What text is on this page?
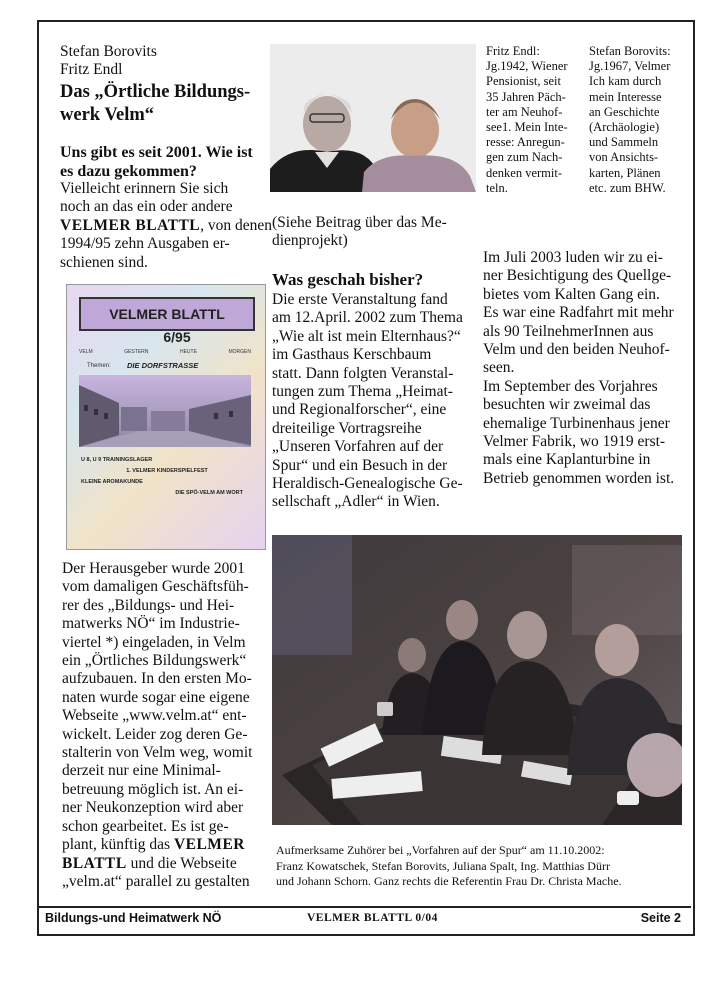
Stefan Borovits
Fritz Endl
Das „Örtliche Bildungs-
werk Velm“
Uns gibt es seit 2001. Wie ist
es dazu gekommen?
Vielleicht erinnern Sie sich
noch an das ein oder andere
VELMER BLATTL, von denen
1994/95 zehn Ausgaben er-
schienen sind.
VELMER BLATTL
6/95
VELM	GESTERN	HEUTE	MORGEN
Themen: DIE DORFSTRASSE
U 8, U 9 TRAININGSLAGER
1. VELMER KINDERSPIELFEST
KLEINE AROMAKUNDE
DIE SPÖ-VELM AM WORT
Der Herausgeber wurde 2001
vom damaligen Geschäftsfüh-
rer des „Bildungs- und Hei-
matwerks NÖ“ im Industrie-
viertel *) eingeladen, in Velm
ein „Örtliches Bildungswerk“
aufzubauen. In den ersten Mo-
naten wurde sogar eine eigene
Webseite „www.velm.at“ ent-
wickelt. Leider zog deren Ge-
stalterin von Velm weg, womit
derzeit nur eine Minimal-
betreuung möglich ist. An ei-
ner Neukonzeption wird aber
schon gearbeitet. Es ist ge-
plant, künftig das VELMER
BLATTL und die Webseite
„velm.at“ parallel zu gestalten
Fritz Endl:
Jg.1942, Wiener
Pensionist, seit
35 Jahren Päch-
ter am Neuhof-
see1. Mein Inte-
resse: Anregun-
gen zum Nach-
denken vermit-
teln.
Stefan Borovits:
Jg.1967, Velmer
Ich kam durch
mein Interesse
an Geschichte
(Archäologie)
und Sammeln
von Ansichts-
karten, Plänen
etc. zum BHW.
(Siehe Beitrag über das Me-
dienprojekt)
Was geschah bisher?
Die erste Veranstaltung fand
am 12.April. 2002 zum Thema
„Wie alt ist mein Elternhaus?“
im Gasthaus Kerschbaum
statt. Dann folgten Veranstal-
tungen zum Thema „Heimat-
und Regionalforscher“, eine
dreiteilige Vortragsreihe
„Unseren Vorfahren auf der
Spur“ und ein Besuch in der
Heraldisch-Genealogische Ge-
sellschaft „Adler“ in Wien.
Im Juli 2003 luden wir zu ei-
ner Besichtigung des Quellge-
bietes vom Kalten Gang ein.
Es war eine Radfahrt mit mehr
als 90 TeilnehmerInnen aus
Velm und den beiden Neuhof-
seen.
Im September des Vorjahres
besuchten wir zweimal das
ehemalige Turbinenhaus jener
Velmer Fabrik, wo 1919 erst-
mals eine Kaplanturbine in
Betrieb genommen worden ist.
Aufmerksame Zuhörer bei „Vorfahren auf der Spur“ am 11.10.2002:
Franz Kowatschek, Stefan Borovits, Juliana Spalt, Ing. Matthias Dürr
und Johann Schorn. Ganz rechts die Referentin Frau Dr. Christa Mache.
Bildungs-und Heimatwerk NÖ	VELMER BLATTL 0/04	Seite 2
